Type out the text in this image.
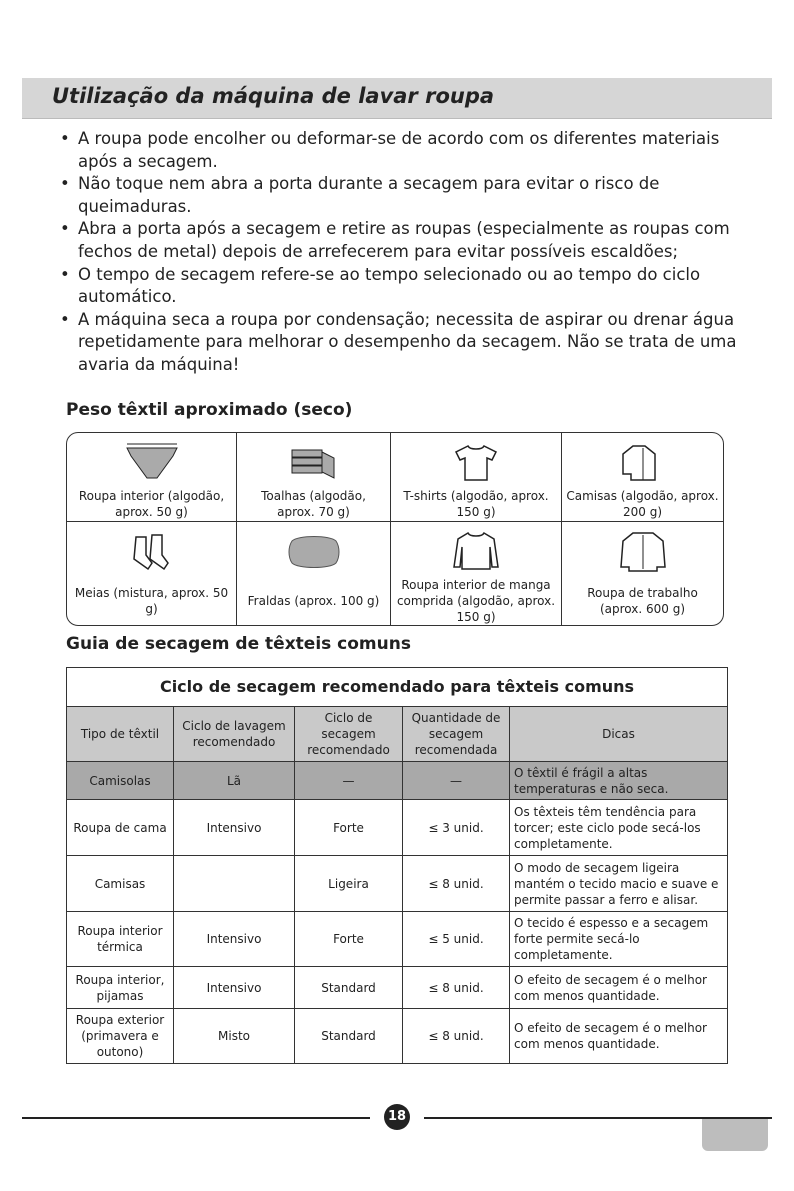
Utilização da máquina de lavar roupa
• A roupa pode encolher ou deformar-se de acordo com os diferentes materiais após a secagem.
• Não toque nem abra a porta durante a secagem para evitar o risco de queimaduras.
• Abra a porta após a secagem e retire as roupas (especialmente as roupas com fechos de metal) depois de arrefecerem para evitar possíveis escaldões;
• O tempo de secagem refere-se ao tempo selecionado ou ao tempo do ciclo automático.
• A máquina seca a roupa por condensação; necessita de aspirar ou drenar água repetidamente para melhorar o desempenho da secagem. Não se trata de uma avaria da máquina!
Peso têxtil aproximado (seco)
Roupa interior (algodão, aprox. 50 g)
Toalhas (algodão, aprox. 70 g)
T-shirts (algodão, aprox. 150 g)
Camisas (algodão, aprox. 200 g)
Meias (mistura, aprox. 50 g)
Fraldas (aprox. 100 g)
Roupa interior de manga comprida (algodão, aprox. 150 g)
Roupa de trabalho (aprox. 600 g)
Guia de secagem de têxteis comuns
Ciclo de secagem recomendado para têxteis comuns				
Tipo de têxtil	Ciclo de lavagem recomendado	Ciclo de secagem recomendado	Quantidade de secagem recomendada	Dicas
Camisolas	Lã	—	—	O têxtil é frágil a altas temperaturas e não seca.
Roupa de cama	Intensivo	Forte	≤ 3 unid.	Os têxteis têm tendência para torcer; este ciclo pode secá-los completamente.
Camisas		Ligeira	≤ 8 unid.	O modo de secagem ligeira mantém o tecido macio e suave e permite passar a ferro e alisar.
Roupa interior térmica	Intensivo	Forte	≤ 5 unid.	O tecido é espesso e a secagem forte permite secá-lo completamente.
Roupa interior, pijamas	Intensivo	Standard	≤ 8 unid.	O efeito de secagem é o melhor com menos quantidade.
Roupa exterior (primavera e outono)	Misto	Standard	≤ 8 unid.	O efeito de secagem é o melhor com menos quantidade.
18
